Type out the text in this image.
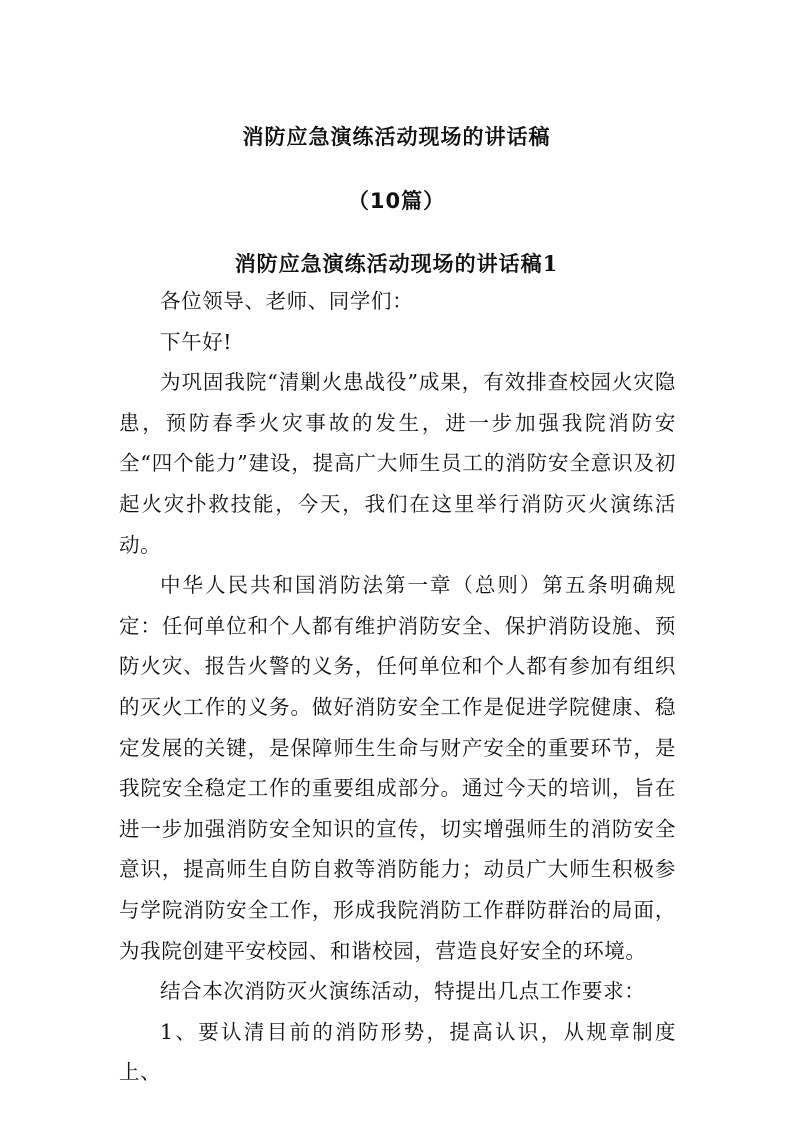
消防应急演练活动现场的讲话稿
（10篇）
消防应急演练活动现场的讲话稿1

各位领导、老师、同学们：

下午好!

为巩固我院“清剿火患战役”成果，有效排查校园火灾隐患，预防春季火灾事故的发生，进一步加强我院消防安全“四个能力”建设，提高广大师生员工的消防安全意识及初起火灾扑救技能，今天，我们在这里举行消防灭火演练活动。

中华人民共和国消防法第一章（总则）第五条明确规定：任何单位和个人都有维护消防安全、保护消防设施、预防火灾、报告火警的义务，任何单位和个人都有参加有组织的灭火工作的义务。做好消防安全工作是促进学院健康、稳定发展的关键，是保障师生生命与财产安全的重要环节，是我院安全稳定工作的重要组成部分。通过今天的培训，旨在进一步加强消防安全知识的宣传，切实增强师生的消防安全意识，提高师生自防自救等消防能力；动员广大师生积极参与学院消防安全工作，形成我院消防工作群防群治的局面，为我院创建平安校园、和谐校园，营造良好安全的环境。

结合本次消防灭火演练活动，特提出几点工作要求：

1、要认清目前的消防形势，提高认识，从规章制度上、
